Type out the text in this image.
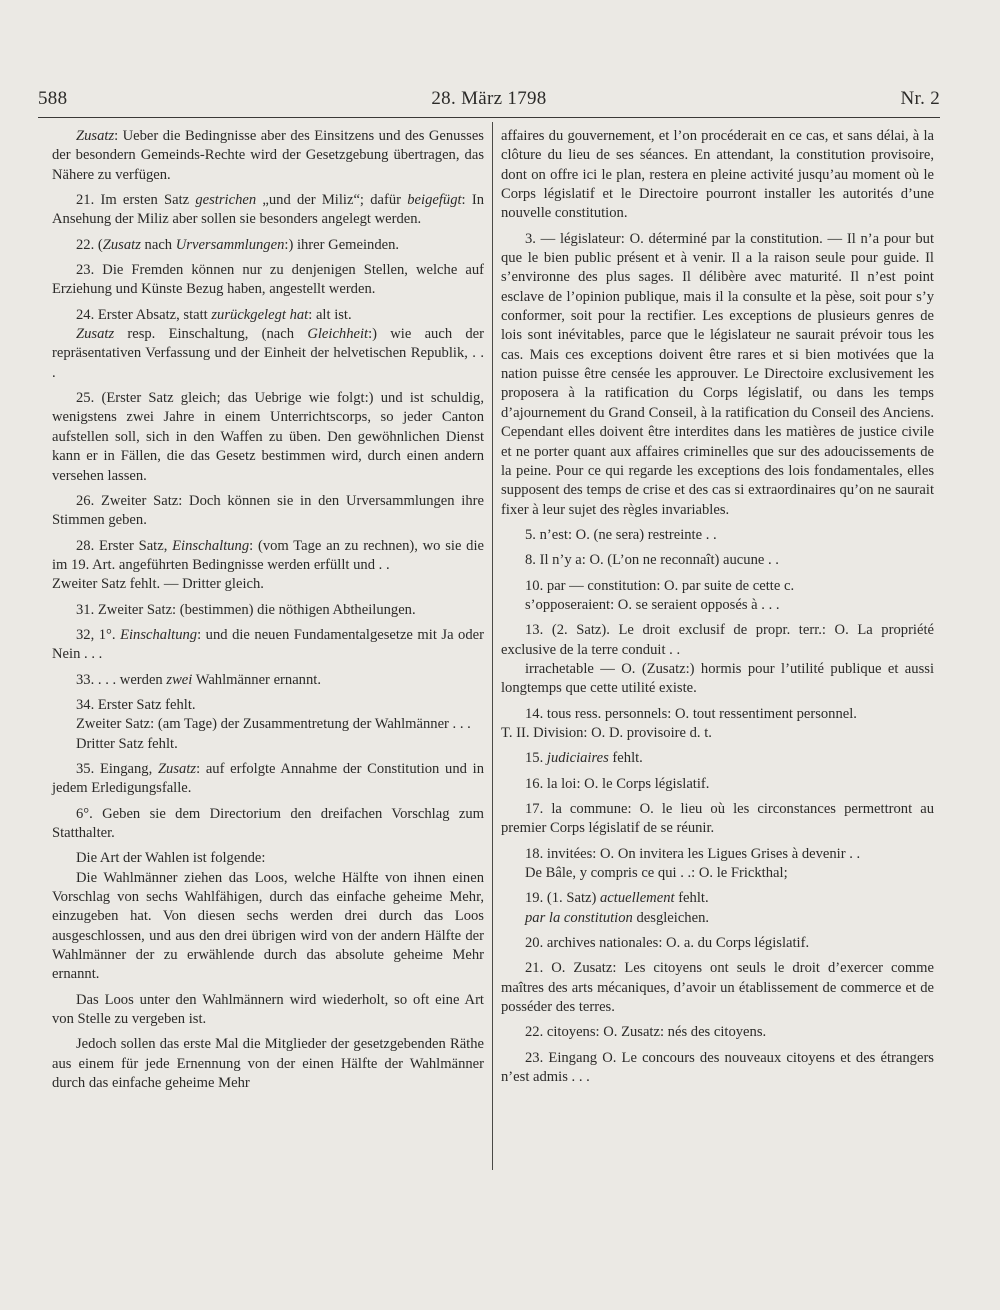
588	28. März 1798	Nr. 2

Zusatz: Ueber die Bedingnisse aber des Einsitzens und des Genusses der besondern Gemeinds-Rechte wird der Gesetzgebung übertragen, das Nähere zu verfügen.

21. Im ersten Satz gestrichen „und der Miliz“; dafür beigefügt: In Ansehung der Miliz aber sollen sie besonders angelegt werden.

22. (Zusatz nach Urversammlungen:) ihrer Gemeinden.

23. Die Fremden können nur zu denjenigen Stellen, welche auf Erziehung und Künste Bezug haben, angestellt werden.

24. Erster Absatz, statt zurückgelegt hat: alt ist.

Zusatz resp. Einschaltung, (nach Gleichheit:) wie auch der repräsentativen Verfassung und der Einheit der helvetischen Republik, . . .

25. (Erster Satz gleich; das Uebrige wie folgt:) und ist schuldig, wenigstens zwei Jahre in einem Unterrichtscorps, so jeder Canton aufstellen soll, sich in den Waffen zu üben. Den gewöhnlichen Dienst kann er in Fällen, die das Gesetz bestimmen wird, durch einen andern versehen lassen.

26. Zweiter Satz: Doch können sie in den Urversammlungen ihre Stimmen geben.

28. Erster Satz, Einschaltung: (vom Tage an zu rechnen), wo sie die im 19. Art. angeführten Bedingnisse werden erfüllt und . .

Zweiter Satz fehlt. — Dritter gleich.

31. Zweiter Satz: (bestimmen) die nöthigen Abtheilungen.

32, 1°. Einschaltung: und die neuen Fundamentalgesetze mit Ja oder Nein . . .

33. . . . werden zwei Wahlmänner ernannt.

34. Erster Satz fehlt.

Zweiter Satz: (am Tage) der Zusammentretung der Wahlmänner . . .

Dritter Satz fehlt.

35. Eingang, Zusatz: auf erfolgte Annahme der Constitution und in jedem Erledigungsfalle.

6°. Geben sie dem Directorium den dreifachen Vorschlag zum Statthalter.

Die Art der Wahlen ist folgende:

Die Wahlmänner ziehen das Loos, welche Hälfte von ihnen einen Vorschlag von sechs Wahlfähigen, durch das einfache geheime Mehr, einzugeben hat. Von diesen sechs werden drei durch das Loos ausgeschlossen, und aus den drei übrigen wird von der andern Hälfte der Wahlmänner der zu erwählende durch das absolute geheime Mehr ernannt.

Das Loos unter den Wahlmännern wird wiederholt, so oft eine Art von Stelle zu vergeben ist.

Jedoch sollen das erste Mal die Mitglieder der gesetzgebenden Räthe aus einem für jede Ernennung von der einen Hälfte der Wahlmänner durch das einfache geheime Mehr

affaires du gouvernement, et l’on procéderait en ce cas, et sans délai, à la clôture du lieu de ses séances. En attendant, la constitution provisoire, dont on offre ici le plan, restera en pleine activité jusqu’au moment où le Corps législatif et le Directoire pourront installer les autorités d’une nouvelle constitution.

3. — législateur: O. déterminé par la constitution. — Il n’a pour but que le bien public présent et à venir. Il a la raison seule pour guide. Il s’environne des plus sages. Il délibère avec maturité. Il n’est point esclave de l’opinion publique, mais il la consulte et la pèse, soit pour s’y conformer, soit pour la rectifier. Les exceptions de plusieurs genres de lois sont inévitables, parce que le législateur ne saurait prévoir tous les cas. Mais ces exceptions doivent être rares et si bien motivées que la nation puisse être censée les approuver. Le Directoire exclusivement les proposera à la ratification du Corps législatif, ou dans les temps d’ajournement du Grand Conseil, à la ratification du Conseil des Anciens. Cependant elles doivent être interdites dans les matières de justice civile et ne porter quant aux affaires criminelles que sur des adoucissements de la peine. Pour ce qui regarde les exceptions des lois fondamentales, elles supposent des temps de crise et des cas si extraordinaires qu’on ne saurait fixer à leur sujet des règles invariables.

5. n’est: O. (ne sera) restreinte . .

8. Il n’y a: O. (L’on ne reconnaît) aucune . .

10. par — constitution: O. par suite de cette c.

s’opposeraient: O. se seraient opposés à . . .

13. (2. Satz). Le droit exclusif de propr. terr.: O. La propriété exclusive de la terre conduit . .

irrachetable — O. (Zusatz:) hormis pour l’utilité publique et aussi longtemps que cette utilité existe.

14. tous ress. personnels: O. tout ressentiment personnel.

T. II. Division: O. D. provisoire d. t.

15. judiciaires fehlt.

16. la loi: O. le Corps législatif.

17. la commune: O. le lieu où les circonstances permettront au premier Corps législatif de se réunir.

18. invitées: O. On invitera les Ligues Grises à devenir . .

De Bâle, y compris ce qui . .: O. le Frickthal;

19. (1. Satz) actuellement fehlt.

par la constitution desgleichen.

20. archives nationales: O. a. du Corps législatif.

21. O. Zusatz: Les citoyens ont seuls le droit d’exercer comme maîtres des arts mécaniques, d’avoir un établissement de commerce et de posséder des terres.

22. citoyens: O. Zusatz: nés des citoyens.

23. Eingang O. Le concours des nouveaux citoyens et des étrangers n’est admis . . .
